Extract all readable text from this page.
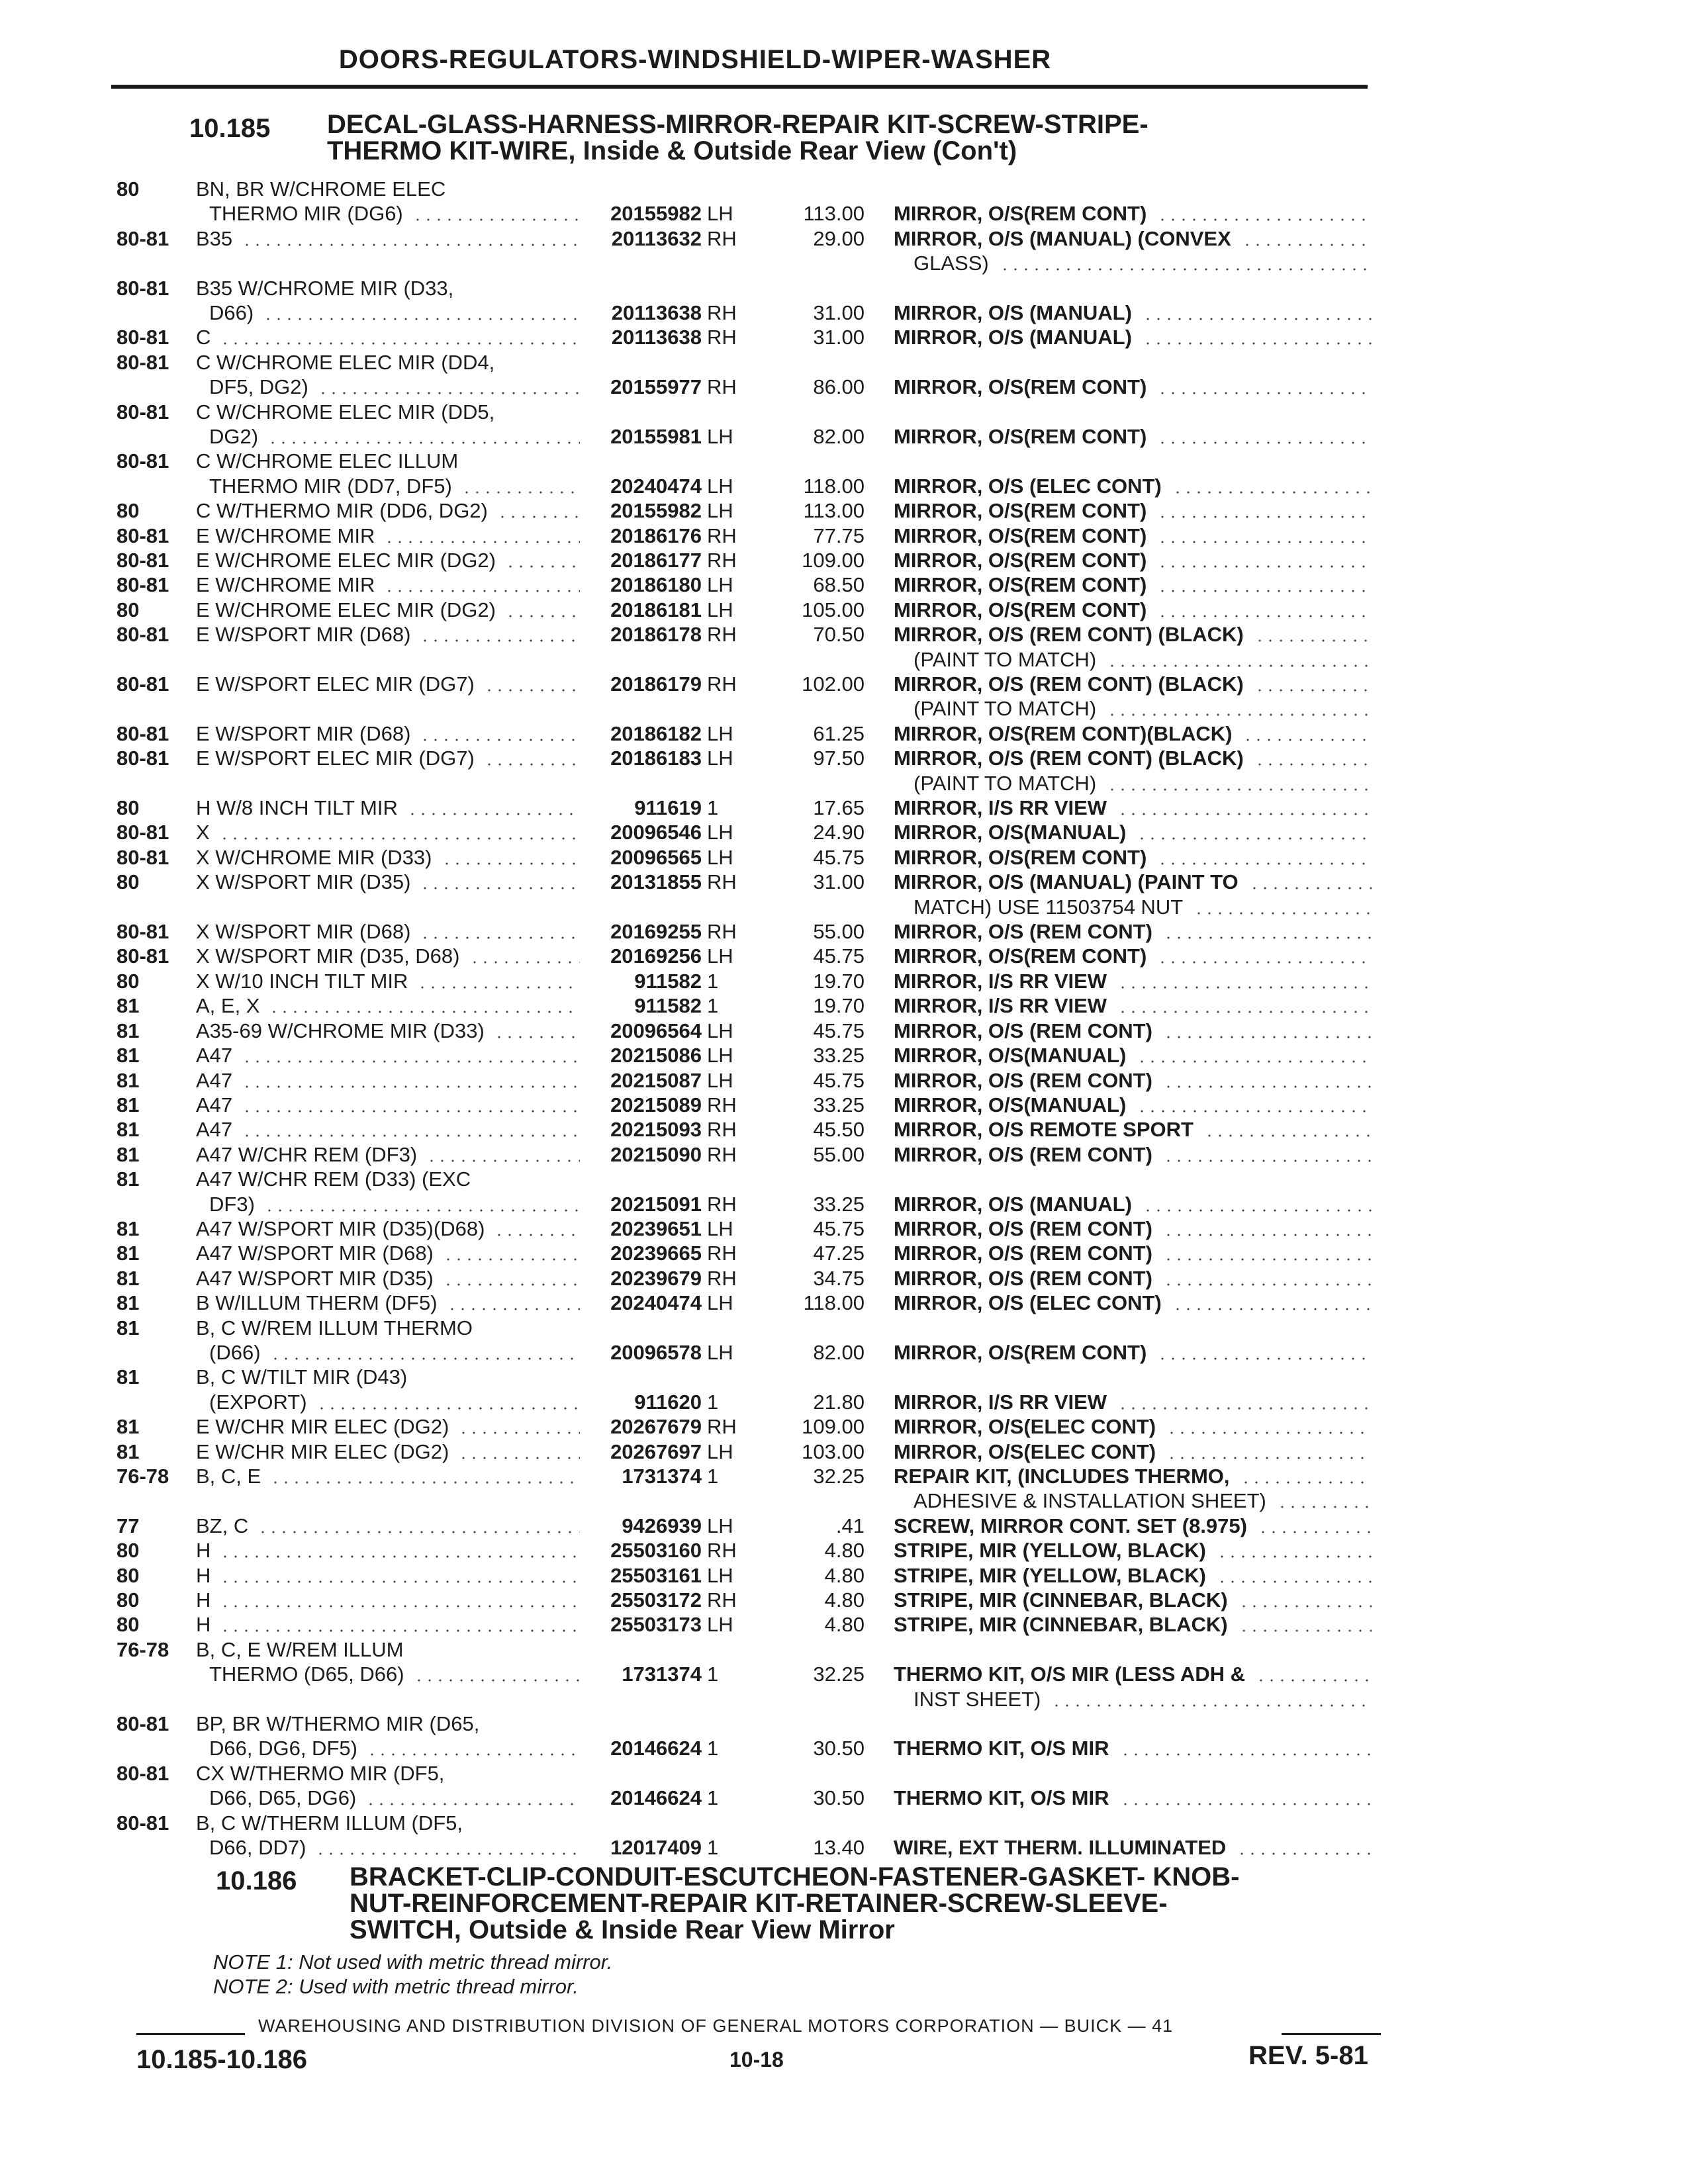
DOORS-REGULATORS-WINDSHIELD-WIPER-WASHER
10.185 DECAL-GLASS-HARNESS-MIRROR-REPAIR KIT-SCREW-STRIPE-
THERMO KIT-WIRE, Inside & Outside Rear View (Con't)
80	BN, BR W/CHROME ELEC
THERMO MIR (DG6)	20155982 LH	113.00 MIRROR, O/S(REM CONT)
80-81 B35	20113632 RH	29.00 MIRROR, O/S (MANUAL) (CONVEX
GLASS)
80-81 B35 W/CHROME MIR (D33,
D66)	20113638 RH	31.00 MIRROR, O/S (MANUAL)
80-81 C	20113638 RH	31.00 MIRROR, O/S (MANUAL)
80-81 C W/CHROME ELEC MIR (DD4,
DF5, DG2)	20155977 RH	86.00 MIRROR, O/S(REM CONT)
80-81 C W/CHROME ELEC MIR (DD5,
DG2)	20155981 LH	82.00 MIRROR, O/S(REM CONT)
80-81 C W/CHROME ELEC ILLUM
THERMO MIR (DD7, DF5)	20240474 LH	118.00 MIRROR, O/S (ELEC CONT)
80	C W/THERMO MIR (DD6, DG2)	20155982 LH	113.00 MIRROR, O/S(REM CONT)
80-81 E W/CHROME MIR	20186176 RH	77.75 MIRROR, O/S(REM CONT)
80-81 E W/CHROME ELEC MIR (DG2)	20186177 RH	109.00 MIRROR, O/S(REM CONT)
80-81 E W/CHROME MIR	20186180 LH	68.50 MIRROR, O/S(REM CONT)
80	E W/CHROME ELEC MIR (DG2)	20186181 LH	105.00 MIRROR, O/S(REM CONT)
80-81 E W/SPORT MIR (D68)	20186178 RH	70.50 MIRROR, O/S (REM CONT) (BLACK)
(PAINT TO MATCH)
80-81 E W/SPORT ELEC MIR (DG7)	20186179 RH	102.00 MIRROR, O/S (REM CONT) (BLACK)
(PAINT TO MATCH)
80-81 E W/SPORT MIR (D68)	20186182 LH	61.25 MIRROR, O/S(REM CONT)(BLACK)
80-81 E W/SPORT ELEC MIR (DG7)	20186183 LH	97.50 MIRROR, O/S (REM CONT) (BLACK)
(PAINT TO MATCH)
80	H W/8 INCH TILT MIR	911619 1	17.65 MIRROR, I/S RR VIEW
80-81 X	20096546 LH	24.90 MIRROR, O/S(MANUAL)
80-81 X W/CHROME MIR (D33)	20096565 LH	45.75 MIRROR, O/S(REM CONT)
80	X W/SPORT MIR (D35)	20131855 RH	31.00 MIRROR, O/S (MANUAL) (PAINT TO
MATCH) USE 11503754 NUT
80-81 X W/SPORT MIR (D68)	20169255 RH	55.00 MIRROR, O/S (REM CONT)
80-81 X W/SPORT MIR (D35, D68)	20169256 LH	45.75 MIRROR, O/S(REM CONT)
80	X W/10 INCH TILT MIR	911582 1	19.70 MIRROR, I/S RR VIEW
81	A, E, X	911582 1	19.70 MIRROR, I/S RR VIEW
81	A35-69 W/CHROME MIR (D33)	20096564 LH	45.75 MIRROR, O/S (REM CONT)
81	A47	20215086 LH	33.25 MIRROR, O/S(MANUAL)
81	A47	20215087 LH	45.75 MIRROR, O/S (REM CONT)
81	A47	20215089 RH	33.25 MIRROR, O/S(MANUAL)
81	A47	20215093 RH	45.50 MIRROR, O/S REMOTE SPORT
81	A47 W/CHR REM (DF3)	20215090 RH	55.00 MIRROR, O/S (REM CONT)
81	A47 W/CHR REM (D33) (EXC
DF3)	20215091 RH	33.25 MIRROR, O/S (MANUAL)
81	A47 W/SPORT MIR (D35)(D68)	20239651 LH	45.75 MIRROR, O/S (REM CONT)
81	A47 W/SPORT MIR (D68)	20239665 RH	47.25 MIRROR, O/S (REM CONT)
81	A47 W/SPORT MIR (D35)	20239679 RH	34.75 MIRROR, O/S (REM CONT)
81	B W/ILLUM THERM (DF5)	20240474 LH	118.00 MIRROR, O/S (ELEC CONT)
81	B, C W/REM ILLUM THERMO
(D66)	20096578 LH	82.00 MIRROR, O/S(REM CONT)
81	B, C W/TILT MIR (D43)
(EXPORT)	911620 1	21.80 MIRROR, I/S RR VIEW
81	E W/CHR MIR ELEC (DG2)	20267679 RH	109.00 MIRROR, O/S(ELEC CONT)
81	E W/CHR MIR ELEC (DG2)	20267697 LH	103.00 MIRROR, O/S(ELEC CONT)
76-78 B, C, E	1731374 1	32.25 REPAIR KIT, (INCLUDES THERMO,
ADHESIVE & INSTALLATION SHEET)
77	BZ, C	9426939 LH	.41 SCREW, MIRROR CONT. SET (8.975)
80	H	25503160 RH	4.80 STRIPE, MIR (YELLOW, BLACK)
80	H	25503161 LH	4.80 STRIPE, MIR (YELLOW, BLACK)
80	H	25503172 RH	4.80 STRIPE, MIR (CINNEBAR, BLACK)
80	H	25503173 LH	4.80 STRIPE, MIR (CINNEBAR, BLACK)
76-78 B, C, E W/REM ILLUM
THERMO (D65, D66)	1731374 1	32.25 THERMO KIT, O/S MIR (LESS ADH &
INST SHEET)
80-81 BP, BR W/THERMO MIR (D65,
D66, DG6, DF5)	20146624 1	30.50 THERMO KIT, O/S MIR
80-81 CX W/THERMO MIR (DF5,
D66, D65, DG6)	20146624 1	30.50 THERMO KIT, O/S MIR
80-81 B, C W/THERM ILLUM (DF5,
D66, DD7)	12017409 1	13.40 WIRE, EXT THERM. ILLUMINATED
10.186 BRACKET-CLIP-CONDUIT-ESCUTCHEON-FASTENER-GASKET- KNOB-
NUT-REINFORCEMENT-REPAIR KIT-RETAINER-SCREW-SLEEVE-
SWITCH, Outside & Inside Rear View Mirror
NOTE 1: Not used with metric thread mirror.
NOTE 2: Used with metric thread mirror.
WAREHOUSING AND DISTRIBUTION DIVISION OF GENERAL MOTORS CORPORATION — BUICK — 41
10.185-10.186	10-18	REV. 5-81
